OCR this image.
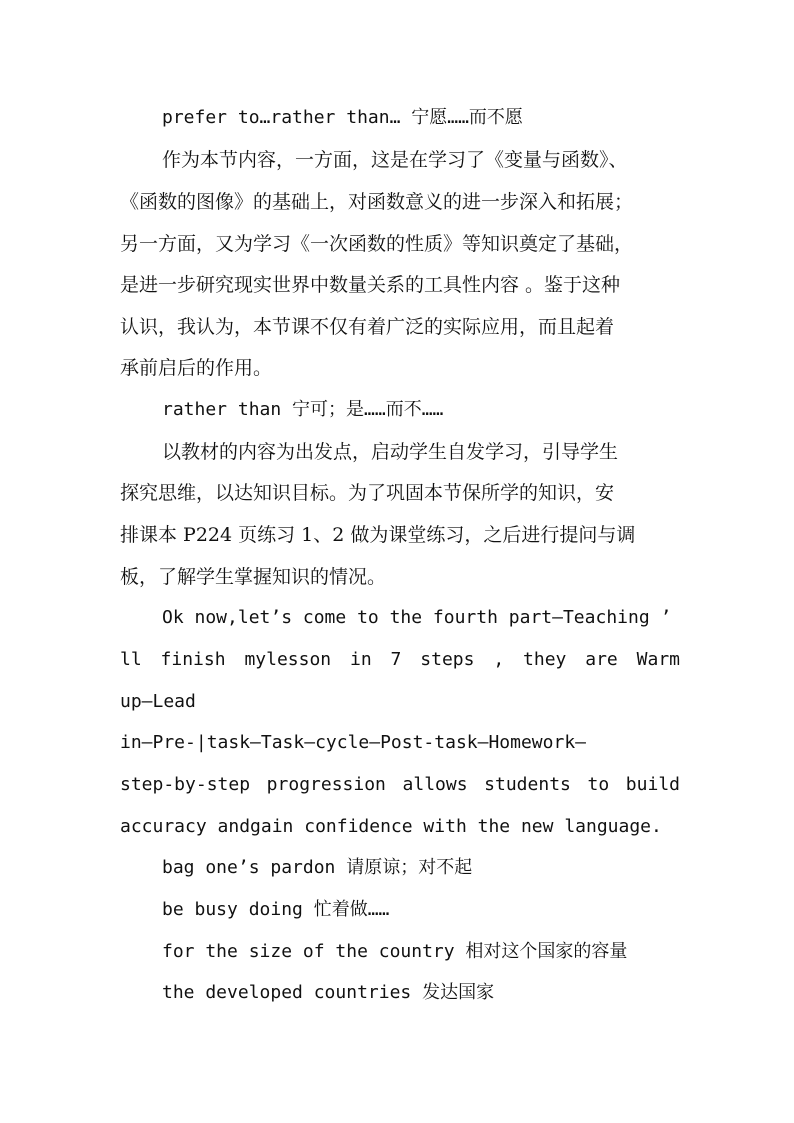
prefer to…rather than… 宁愿……而不愿
作为本节内容，一方面，这是在学习了《变量与函数》、
《函数的图像》的基础上，对函数意义的进一步深入和拓展；
另一方面，又为学习《一次函数的性质》等知识奠定了基础，
是进一步研究现实世界中数量关系的工具性内容 。鉴于这种
认识，我认为，本节课不仅有着广泛的实际应用，而且起着
承前启后的作用。
rather than 宁可；是……而不……
以教材的内容为出发点，启动学生自发学习，引导学生
探究思维，以达知识目标。为了巩固本节保所学的知识，安
排课本 P224 页练习 1、2 做为课堂练习，之后进行提问与调
板，了解学生掌握知识的情况。
Ok now,let’s come to the fourth part—Teaching ’
ll finish mylesson in 7 steps , they are Warm
up—Lead
in—Pre-|task—Task—cycle—Post-task—Homework—
step-by-step progression allows students to build
accuracy andgain confidence with the new language.
bag one’s pardon 请原谅；对不起
be busy doing 忙着做……
for the size of the country 相对这个国家的容量
the developed countries 发达国家
